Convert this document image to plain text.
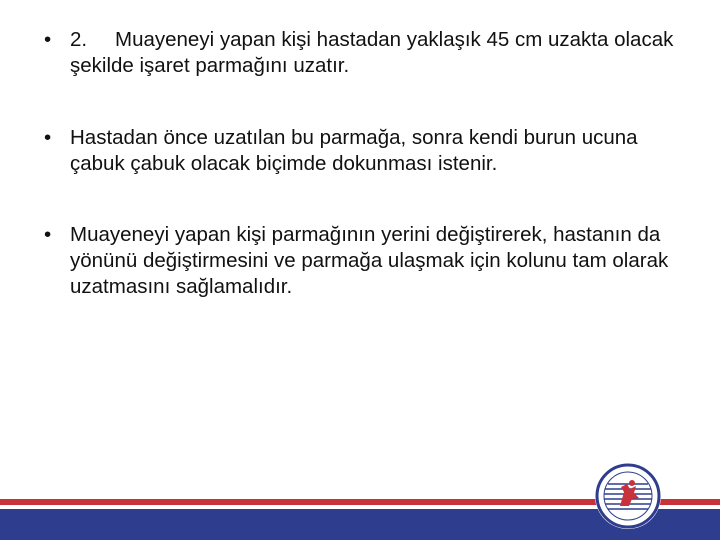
• 2. Muayeneyi yapan kişi hastadan yaklaşık 45 cm uzakta olacak şekilde işaret parmağını uzatır.
• Hastadan önce uzatılan bu parmağa, sonra kendi burun ucuna çabuk çabuk olacak biçimde dokunması istenir.
• Muayeneyi yapan kişi parmağının yerini değiştirerek, hastanın da yönünü değiştirmesini ve parmağa ulaşmak için kolunu tam olarak uzatmasını sağlamalıdır.
